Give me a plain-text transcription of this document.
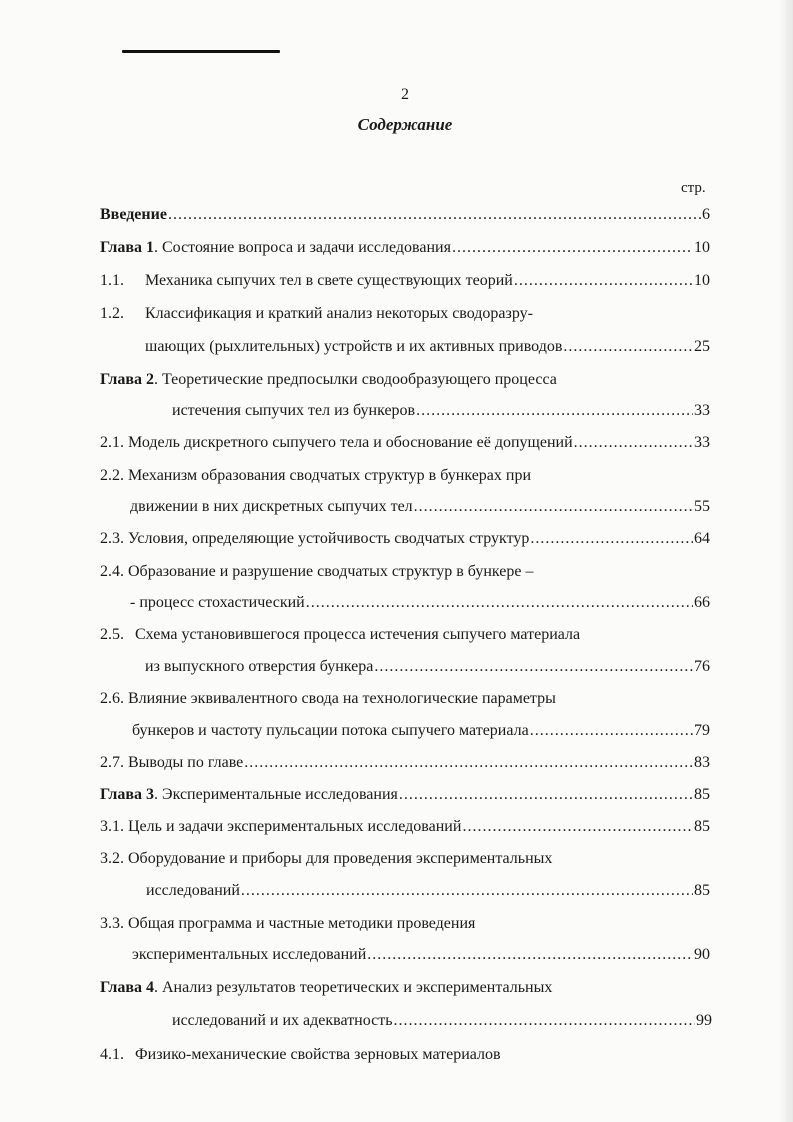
2
Содержание
стр.
Введение .....	6
Глава 1. Состояние вопроса и задачи исследования .....	10
1.1. Механика сыпучих тел в свете существующих теорий .....	10
1.2. Классификация и краткий анализ некоторых сводоразру-
шающих (рыхлительных) устройств и их активных приводов .....	25
Глава 2. Теоретические предпосылки сводообразующего процесса
истечения сыпучих тел из бункеров .....	33
2.1. Модель дискретного сыпучего тела и обоснование её допущений .....	33
2.2. Механизм образования сводчатых структур в бункерах при
движении в них дискретных сыпучих тел .....	55
2.3. Условия, определяющие устойчивость сводчатых структур .....	64
2.4. Образование и разрушение сводчатых структур в бункере –
- процесс стохастический .....	66
2.5. Схема установившегося процесса истечения сыпучего материала
из выпускного отверстия бункера .....	76
2.6. Влияние эквивалентного свода на технологические параметры
бункеров и частоту пульсации потока сыпучего материала .....	79
2.7. Выводы по главе .....	83
Глава 3. Экспериментальные исследования .....	85
3.1. Цель и задачи экспериментальных исследований .....	85
3.2. Оборудование и приборы для проведения экспериментальных
исследований .....	85
3.3. Общая программа и частные методики проведения
экспериментальных исследований .....	90
Глава 4. Анализ результатов теоретических и экспериментальных
исследований и их адекватность .....	99
4.1. Физико-механические свойства зерновых материалов
